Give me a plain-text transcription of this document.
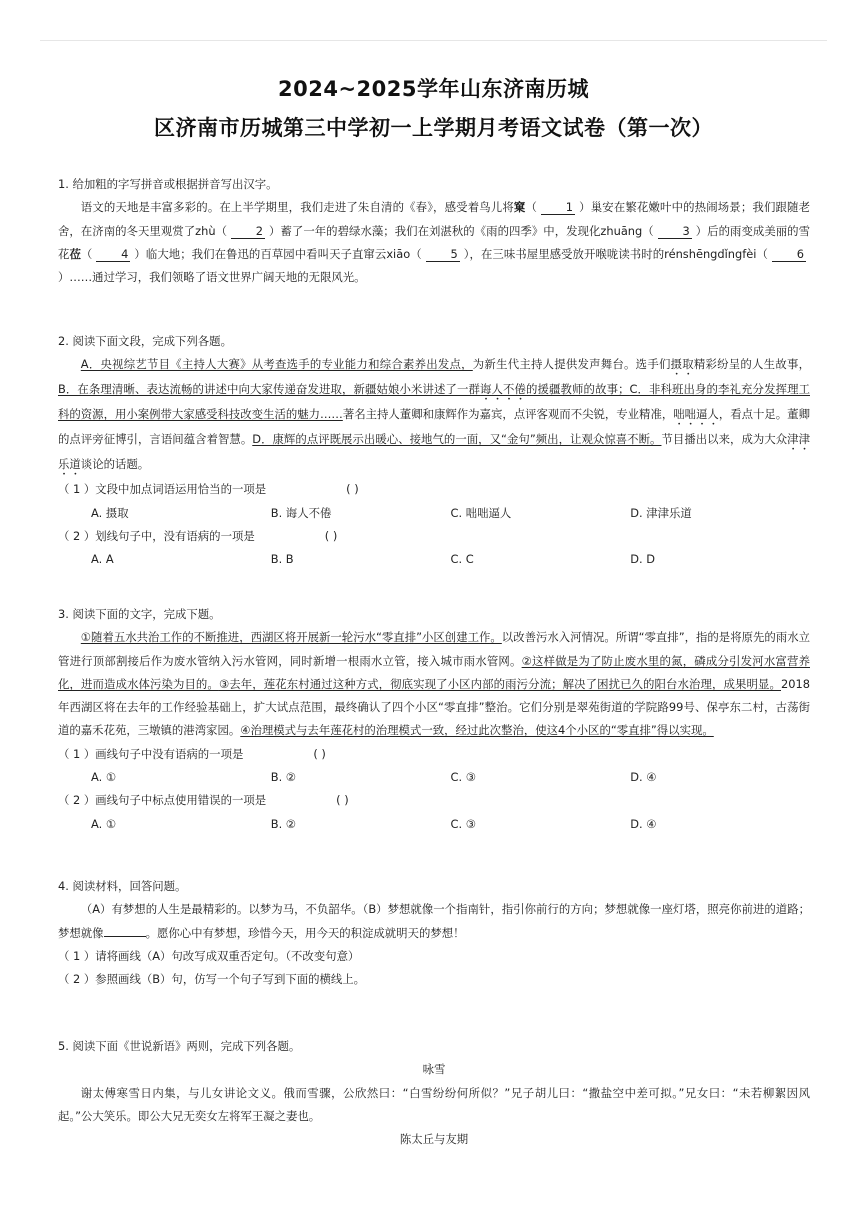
2024~2025学年山东济南历城
区济南市历城第三中学初一上学期月考语文试卷（第一次）

1. 给加粗的字写拼音或根据拼音写出汉字。

语文的天地是丰富多彩的。在上半学期里，我们走进了朱自清的《春》，感受着鸟儿将窠（	1 ）巢安在繁花嫩叶中的热闹场景；我们跟随老舍，在济南的冬天里观赏了zhù（	2 ）蓄了一年的碧绿水藻；我们在刘湛秋的《雨的四季》中，发现化zhuāng（	3 ）后的雨变成美丽的雪花莅（	4 ）临大地；我们在鲁迅的百草园中看叫天子直窜云xiāo（	5 ），在三味书屋里感受放开喉咙读书时的rénshēngdǐngfèi（	6）……通过学习，我们领略了语文世界广阔天地的无限风光。

2. 阅读下面文段，完成下列各题。

A．央视综艺节目《主持人大赛》从考查选手的专业能力和综合素养出发点，为新生代主持人提供发声舞台。选手们摄取精彩纷呈的人生故事，B．在条理清晰、表达流畅的讲述中向大家传递奋发进取，新疆姑娘小米讲述了一群诲人不倦的援疆教师的故事；C．非科班出身的李礼充分发挥理工科的资源，用小案例带大家感受科技改变生活的魅力……著名主持人董卿和康辉作为嘉宾，点评客观而不尖锐，专业精准，咄咄逼人，看点十足。董卿的点评旁征博引，言语间蕴含着智慧。D．康辉的点评既展示出暖心、接地气的一面，又“金句”频出，让观众惊喜不断。节目播出以来，成为大众津津乐道谈论的话题。

（ 1 ）文段中加点词语运用恰当的一项是	( )

A. 摄取	B. 诲人不倦	C. 咄咄逼人	D. 津津乐道

（ 2 ）划线句子中，没有语病的一项是	( )

A. A	B. B	C. C	D. D

3. 阅读下面的文字，完成下题。

①随着五水共治工作的不断推进，西湖区将开展新一轮污水“零直排”小区创建工作。以改善污水入河情况。所谓“零直排”，指的是将原先的雨水立管进行顶部割接后作为废水管纳入污水管网，同时新增一根雨水立管，接入城市雨水管网。②这样做是为了防止废水里的氮，磷成分引发河水富营养化，进而造成水体污染为目的。③去年，莲花东村通过这种方式，彻底实现了小区内部的雨污分流；解决了困扰已久的阳台水治理，成果明显。2018年西湖区将在去年的工作经验基础上，扩大试点范围，最终确认了四个小区“零直排”整治。它们分别是翠苑街道的学院路99号、保亭东二村，古荡街道的嘉禾花苑，三墩镇的港湾家园。④治理模式与去年莲花村的治理模式一致，经过此次整治，使这4个小区的“零直排”得以实现。

（ 1 ）画线句子中没有语病的一项是	( )

A. ①	B. ②	C. ③	D. ④

（ 2 ）画线句子中标点使用错误的一项是	( )

A. ①	B. ②	C. ③	D. ④

4. 阅读材料，回答问题。

（A）有梦想的人生是最精彩的。以梦为马，不负韶华。（B）梦想就像一个指南针，指引你前行的方向；梦想就像一座灯塔，照亮你前进的道路；梦想就像	。愿你心中有梦想，珍惜今天，用今天的积淀成就明天的梦想！

（ 1 ）请将画线（A）句改写成双重否定句。（不改变句意）

（ 2 ）参照画线（B）句，仿写一个句子写到下面的横线上。

5. 阅读下面《世说新语》两则，完成下列各题。

咏雪

谢太傅寒雪日内集，与儿女讲论文义。俄而雪骤，公欣然曰：“白雪纷纷何所似？”兄子胡儿曰：“撒盐空中差可拟。”兄女曰：“未若柳絮因风起。”公大笑乐。即公大兄无奕女左将军王凝之妻也。

陈太丘与友期
